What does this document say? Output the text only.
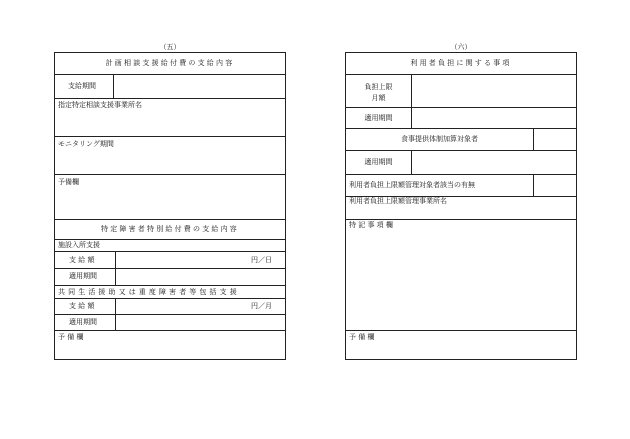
（五）
計画相談支援給付費の支給内容
支給期間
指定特定相談支援事業所名
モニタリング期間
予備欄
特定障害者特別給付費の支給内容
施設入所支援
支 給 額	円／日
適用期間
共同生活援助又は重度障害者等包括支援
支 給 額	円／月
適用期間
予 備 欄
（六）
利用者負担に関する事項
負担上限
月額
適用期間
食事提供体制加算対象者
適用期間
利用者負担上限額管理対象者該当の有無
利用者負担上限額管理事業所名
特 記 事 項 欄
予 備 欄
